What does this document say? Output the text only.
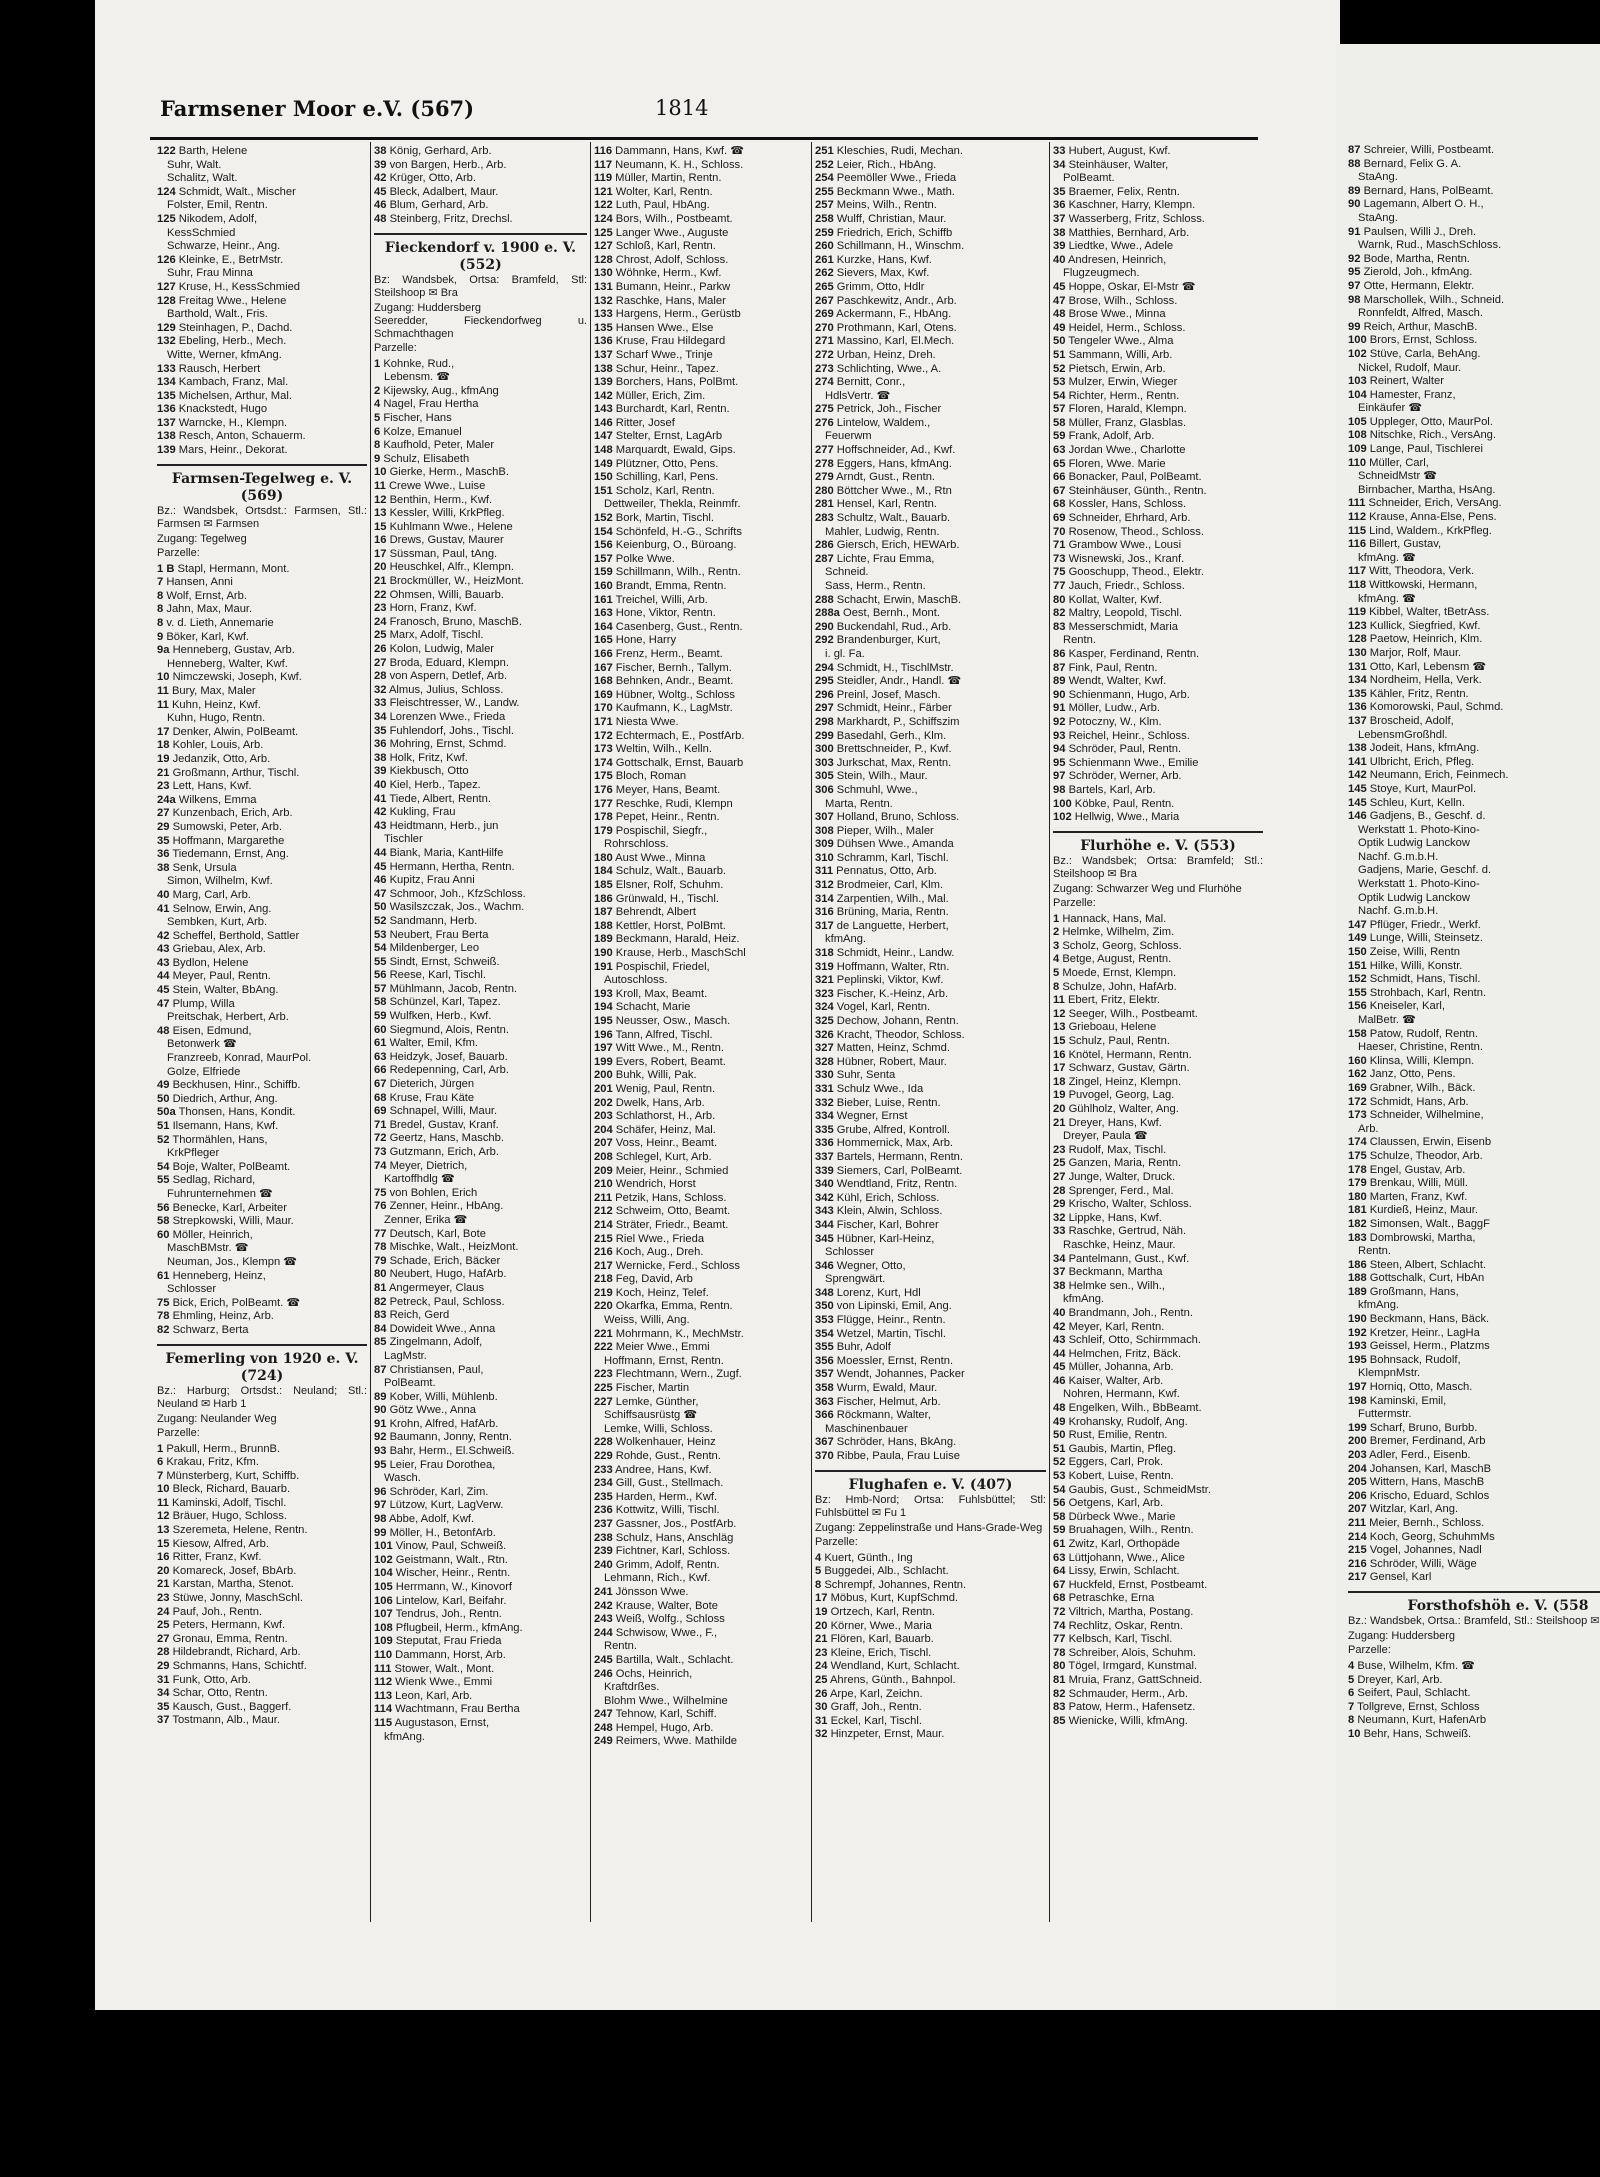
87 Schreier, Willi, Postbeamt.
88 Bernard, Felix G. A.
StaAng.
89 Bernard, Hans, PolBeamt.
90 Lagemann, Albert O. H.,
StaAng.
91 Paulsen, Willi J., Dreh.
Warnk, Rud., MaschSchloss.
92 Bode, Martha, Rentn.
95 Zierold, Joh., kfmAng.
97 Otte, Hermann, Elektr.
98 Marschollek, Wilh., Schneid.
Ronnfeldt, Alfred, Masch.
99 Reich, Arthur, MaschB.
100 Brors, Ernst, Schloss.
102 Stüve, Carla, BehAng.
Nickel, Rudolf, Maur.
103 Reinert, Walter
104 Hamester, Franz,
Einkäufer ☎
105 Uppleger, Otto, MaurPol.
108 Nitschke, Rich., VersAng.
109 Lange, Paul, Tischlerei
110 Müller, Carl,
SchneidMstr ☎
Birnbacher, Martha, HsAng.
111 Schneider, Erich, VersAng.
112 Krause, Anna-Else, Pens.
115 Lind, Waldem., KrkPfleg.
116 Billert, Gustav,
kfmAng. ☎
117 Witt, Theodora, Verk.
118 Wittkowski, Hermann,
kfmAng. ☎
119 Kibbel, Walter, tBetrAss.
123 Kullick, Siegfried, Kwf.
128 Paetow, Heinrich, Klm.
130 Marjor, Rolf, Maur.
131 Otto, Karl, Lebensm ☎
134 Nordheim, Hella, Verk.
135 Kähler, Fritz, Rentn.
136 Komorowski, Paul, Schmd.
137 Broscheid, Adolf,
LebensmGroßhdl.
138 Jodeit, Hans, kfmAng.
141 Ulbricht, Erich, Pfleg.
142 Neumann, Erich, Feinmech.
145 Stoye, Kurt, MaurPol.
145 Schleu, Kurt, Kelln.
146 Gadjens, B., Geschf. d.
Werkstatt 1. Photo-Kino-
Optik Ludwig Lanckow
Nachf. G.m.b.H.
Gadjens, Marie, Geschf. d.
Werkstatt 1. Photo-Kino-
Optik Ludwig Lanckow
Nachf. G.m.b.H.
147 Pflüger, Friedr., Werkf.
149 Lunge, Willi, Steinsetz.
150 Zeise, Willi, Rentn
151 Hilke, Willi, Konstr.
152 Schmidt, Hans, Tischl.
155 Strohbach, Karl, Rentn.
156 Kneiseler, Karl,
MalBetr. ☎
158 Patow, Rudolf, Rentn.
Haeser, Christine, Rentn.
160 Klinsa, Willi, Klempn.
162 Janz, Otto, Pens.
169 Grabner, Wilh., Bäck.
172 Schmidt, Hans, Arb.
173 Schneider, Wilhelmine,
Arb.
174 Claussen, Erwin, Eisenb
175 Schulze, Theodor, Arb.
178 Engel, Gustav, Arb.
179 Brenkau, Willi, Müll.
180 Marten, Franz, Kwf.
181 Kurdieß, Heinz, Maur.
182 Simonsen, Walt., BaggF
183 Dombrowski, Martha,
Rentn.
186 Steen, Albert, Schlacht.
188 Gottschalk, Curt, HbAn
189 Großmann, Hans,
kfmAng.
190 Beckmann, Hans, Bäck.
192 Kretzer, Heinr., LagHa
193 Geissel, Herm., Platzms
195 Bohnsack, Rudolf,
KlempnMstr.
197 Horniq, Otto, Masch.
198 Kaminski, Emil,
Futtermstr.
199 Scharf, Bruno, Burbb.
200 Bremer, Ferdinand, Arb
203 Adler, Ferd., Eisenb.
204 Johansen, Karl, MaschB
205 Wittern, Hans, MaschB
206 Krischo, Eduard, Schlos
207 Witzlar, Karl, Ang.
211 Meier, Bernh., Schloss.
214 Koch, Georg, SchuhmMs
215 Vogel, Johannes, Nadl
216 Schröder, Willi, Wäge
217 Gensel, Karl
Forsthofshöh e. V. (558
Bz.: Wandsbek, Ortsa.: Bramfeld, Stl.: Steilshoop ✉
Zugang: Huddersberg
Parzelle:
4 Buse, Wilhelm, Kfm. ☎
5 Dreyer, Karl, Arb.
6 Seifert, Paul, Schlacht.
7 Tollgreve, Ernst, Schloss
8 Neumann, Kurt, HafenArb
10 Behr, Hans, Schweiß.
Farmsener Moor e.V. (567)	1814
122 Barth, Helene
Suhr, Walt.
Schalitz, Walt.
124 Schmidt, Walt., Mischer
Folster, Emil, Rentn.
125 Nikodem, Adolf,
KessSchmied
Schwarze, Heinr., Ang.
126 Kleinke, E., BetrMstr.
Suhr, Frau Minna
127 Kruse, H., KessSchmied
128 Freitag Wwe., Helene
Barthold, Walt., Fris.
129 Steinhagen, P., Dachd.
132 Ebeling, Herb., Mech.
Witte, Werner, kfmAng.
133 Rausch, Herbert
134 Kambach, Franz, Mal.
135 Michelsen, Arthur, Mal.
136 Knackstedt, Hugo
137 Warncke, H., Klempn.
138 Resch, Anton, Schauerm.
139 Mars, Heinr., Dekorat.
Farmsen-Tegelweg e. V. (569)
Bz.: Wandsbek, Ortsdst.: Farmsen, Stl.: Farmsen ✉ Farmsen
Zugang: Tegelweg
Parzelle:
1 B Stapl, Hermann, Mont.
7 Hansen, Anni
8 Wolf, Ernst, Arb.
8 Jahn, Max, Maur.
8 v. d. Lieth, Annemarie
9 Böker, Karl, Kwf.
9a Henneberg, Gustav, Arb.
Henneberg, Walter, Kwf.
10 Nimczewski, Joseph, Kwf.
11 Bury, Max, Maler
11 Kuhn, Heinz, Kwf.
Kuhn, Hugo, Rentn.
17 Denker, Alwin, PolBeamt.
18 Kohler, Louis, Arb.
19 Jedanzik, Otto, Arb.
21 Großmann, Arthur, Tischl.
23 Lett, Hans, Kwf.
24a Wilkens, Emma
27 Kunzenbach, Erich, Arb.
29 Sumowski, Peter, Arb.
35 Hoffmann, Margarethe
36 Tiedemann, Ernst, Ang.
38 Senk, Ursula
Simon, Wilhelm, Kwf.
40 Marg, Carl, Arb.
41 Selnow, Erwin, Ang.
Sembken, Kurt, Arb.
42 Scheffel, Berthold, Sattler
43 Griebau, Alex, Arb.
43 Bydlon, Helene
44 Meyer, Paul, Rentn.
45 Stein, Walter, BbAng.
47 Plump, Willa
Preitschak, Herbert, Arb.
48 Eisen, Edmund,
Betonwerk ☎
Franzreeb, Konrad, MaurPol.
Golze, Elfriede
49 Beckhusen, Hinr., Schiffb.
50 Diedrich, Arthur, Ang.
50a Thonsen, Hans, Kondit.
51 Ilsemann, Hans, Kwf.
52 Thormählen, Hans,
KrkPfleger
54 Boje, Walter, PolBeamt.
55 Sedlag, Richard,
Fuhrunternehmen ☎
56 Benecke, Karl, Arbeiter
58 Strepkowski, Willi, Maur.
60 Möller, Heinrich,
MaschBMstr. ☎
Neuman, Jos., Klempn ☎
61 Henneberg, Heinz,
Schlosser
75 Bick, Erich, PolBeamt. ☎
78 Ehmling, Heinz, Arb.
82 Schwarz, Berta
Femerling von 1920 e. V. (724)
Bz.: Harburg; Ortsdst.: Neuland; Stl.: Neuland ✉ Harb 1
Zugang: Neulander Weg
Parzelle:
1 Pakull, Herm., BrunnB.
6 Krakau, Fritz, Kfm.
7 Münsterberg, Kurt, Schiffb.
10 Bleck, Richard, Bauarb.
11 Kaminski, Adolf, Tischl.
12 Bräuer, Hugo, Schloss.
13 Szeremeta, Helene, Rentn.
15 Kiesow, Alfred, Arb.
16 Ritter, Franz, Kwf.
20 Komareck, Josef, BbArb.
21 Karstan, Martha, Stenot.
23 Stüwe, Jonny, MaschSchl.
24 Pauf, Joh., Rentn.
25 Peters, Hermann, Kwf.
27 Gronau, Emma, Rentn.
28 Hildebrandt, Richard, Arb.
29 Schmanns, Hans, Schichtf.
31 Funk, Otto, Arb.
34 Schar, Otto, Rentn.
35 Kausch, Gust., Baggerf.
37 Tostmann, Alb., Maur.
38 König, Gerhard, Arb.
39 von Bargen, Herb., Arb.
42 Krüger, Otto, Arb.
45 Bleck, Adalbert, Maur.
46 Blum, Gerhard, Arb.
48 Steinberg, Fritz, Drechsl.
Fieckendorf v. 1900 e. V. (552)
Bz: Wandsbek, Ortsa: Bramfeld, Stl: Steilshoop ✉ Bra
Zugang: Huddersberg
Seeredder, Fieckendorfweg u. Schmachthagen
Parzelle:
1 Kohnke, Rud.,
Lebensm. ☎
2 Kijewsky, Aug., kfmAng
4 Nagel, Frau Hertha
5 Fischer, Hans
6 Kolze, Emanuel
8 Kaufhold, Peter, Maler
9 Schulz, Elisabeth
10 Gierke, Herm., MaschB.
11 Crewe Wwe., Luise
12 Benthin, Herm., Kwf.
13 Kessler, Willi, KrkPfleg.
15 Kuhlmann Wwe., Helene
16 Drews, Gustav, Maurer
17 Süssman, Paul, tAng.
20 Heuschkel, Alfr., Klempn.
21 Brockmüller, W., HeizMont.
22 Ohmsen, Willi, Bauarb.
23 Horn, Franz, Kwf.
24 Franosch, Bruno, MaschB.
25 Marx, Adolf, Tischl.
26 Kolon, Ludwig, Maler
27 Broda, Eduard, Klempn.
28 von Aspern, Detlef, Arb.
32 Almus, Julius, Schloss.
33 Fleischtresser, W., Landw.
34 Lorenzen Wwe., Frieda
35 Fuhlendorf, Johs., Tischl.
36 Mohring, Ernst, Schmd.
38 Holk, Fritz, Kwf.
39 Kiekbusch, Otto
40 Kiel, Herb., Tapez.
41 Tiede, Albert, Rentn.
42 Kukling, Frau
43 Heidtmann, Herb., jun
Tischler
44 Biank, Maria, KantHilfe
45 Hermann, Hertha, Rentn.
46 Kupitz, Frau Anni
47 Schmoor, Joh., KfzSchloss.
50 Wasilszczak, Jos., Wachm.
52 Sandmann, Herb.
53 Neubert, Frau Berta
54 Mildenberger, Leo
55 Sindt, Ernst, Schweiß.
56 Reese, Karl, Tischl.
57 Mühlmann, Jacob, Rentn.
58 Schünzel, Karl, Tapez.
59 Wulfken, Herb., Kwf.
60 Siegmund, Alois, Rentn.
61 Walter, Emil, Kfm.
63 Heidzyk, Josef, Bauarb.
66 Redepenning, Carl, Arb.
67 Dieterich, Jürgen
68 Kruse, Frau Käte
69 Schnapel, Willi, Maur.
71 Bredel, Gustav, Kranf.
72 Geertz, Hans, Maschb.
73 Gutzmann, Erich, Arb.
74 Meyer, Dietrich,
Kartoffhdlg ☎
75 von Bohlen, Erich
76 Zenner, Heinr., HbAng.
Zenner, Erika ☎
77 Deutsch, Karl, Bote
78 Mischke, Walt., HeizMont.
79 Schade, Erich, Bäcker
80 Neubert, Hugo, HafArb.
81 Angermeyer, Claus
82 Petreck, Paul, Schloss.
83 Reich, Gerd
84 Dowideit Wwe., Anna
85 Zingelmann, Adolf,
LagMstr.
87 Christiansen, Paul,
PolBeamt.
89 Kober, Willi, Mühlenb.
90 Götz Wwe., Anna
91 Krohn, Alfred, HafArb.
92 Baumann, Jonny, Rentn.
93 Bahr, Herm., El.Schweiß.
95 Leier, Frau Dorothea,
Wasch.
96 Schröder, Karl, Zim.
97 Lützow, Kurt, LagVerw.
98 Abbe, Adolf, Kwf.
99 Möller, H., BetonfArb.
101 Vinow, Paul, Schweiß.
102 Geistmann, Walt., Rtn.
104 Wischer, Heinr., Rentn.
105 Herrmann, W., Kinovorf
106 Lintelow, Karl, Beifahr.
107 Tendrus, Joh., Rentn.
108 Pflugbeil, Herm., kfmAng.
109 Steputat, Frau Frieda
110 Dammann, Horst, Arb.
111 Stower, Walt., Mont.
112 Wienk Wwe., Emmi
113 Leon, Karl, Arb.
114 Wachtmann, Frau Bertha
115 Augustason, Ernst,
kfmAng.
116 Dammann, Hans, Kwf. ☎
117 Neumann, K. H., Schloss.
119 Müller, Martin, Rentn.
121 Wolter, Karl, Rentn.
122 Luth, Paul, HbAng.
124 Bors, Wilh., Postbeamt.
125 Langer Wwe., Auguste
127 Schloß, Karl, Rentn.
128 Chrost, Adolf, Schloss.
130 Wöhnke, Herm., Kwf.
131 Bumann, Heinr., Parkw
132 Raschke, Hans, Maler
133 Hargens, Herm., Gerüstb
135 Hansen Wwe., Else
136 Kruse, Frau Hildegard
137 Scharf Wwe., Trinje
138 Schur, Heinr., Tapez.
139 Borchers, Hans, PolBmt.
142 Müller, Erich, Zim.
143 Burchardt, Karl, Rentn.
146 Ritter, Josef
147 Stelter, Ernst, LagArb
148 Marquardt, Ewald, Gips.
149 Plützner, Otto, Pens.
150 Schilling, Karl, Pens.
151 Scholz, Karl, Rentn.
Dettweiler, Thekla, Reinmfr.
152 Bork, Martin, Tischl.
154 Schönfeld, H.-G., Schrifts
156 Keienburg, O., Büroang.
157 Polke Wwe.
159 Schillmann, Wilh., Rentn.
160 Brandt, Emma, Rentn.
161 Treichel, Willi, Arb.
163 Hone, Viktor, Rentn.
164 Casenberg, Gust., Rentn.
165 Hone, Harry
166 Frenz, Herm., Beamt.
167 Fischer, Bernh., Tallym.
168 Behnken, Andr., Beamt.
169 Hübner, Woltg., Schloss
170 Kaufmann, K., LagMstr.
171 Niesta Wwe.
172 Echtermach, E., PostfArb.
173 Weltin, Wilh., Kelln.
174 Gottschalk, Ernst, Bauarb
175 Bloch, Roman
176 Meyer, Hans, Beamt.
177 Reschke, Rudi, Klempn
178 Pepet, Heinr., Rentn.
179 Pospischil, Siegfr.,
Rohrschloss.
180 Aust Wwe., Minna
184 Schulz, Walt., Bauarb.
185 Elsner, Rolf, Schuhm.
186 Grünwald, H., Tischl.
187 Behrendt, Albert
188 Kettler, Horst, PolBmt.
189 Beckmann, Harald, Heiz.
190 Krause, Herb., MaschSchl
191 Pospischil, Friedel,
Autoschloss.
193 Kroll, Max, Beamt.
194 Schacht, Marie
195 Neusser, Osw., Masch.
196 Tann, Alfred, Tischl.
197 Witt Wwe., M., Rentn.
199 Evers, Robert, Beamt.
200 Buhk, Willi, Pak.
201 Wenig, Paul, Rentn.
202 Dwelk, Hans, Arb.
203 Schlathorst, H., Arb.
204 Schäfer, Heinz, Mal.
207 Voss, Heinr., Beamt.
208 Schlegel, Kurt, Arb.
209 Meier, Heinr., Schmied
210 Wendrich, Horst
211 Petzik, Hans, Schloss.
212 Schweim, Otto, Beamt.
214 Sträter, Friedr., Beamt.
215 Riel Wwe., Frieda
216 Koch, Aug., Dreh.
217 Wernicke, Ferd., Schloss
218 Feg, David, Arb
219 Koch, Heinz, Telef.
220 Okarfka, Emma, Rentn.
Weiss, Willi, Ang.
221 Mohrmann, K., MechMstr.
222 Meier Wwe., Emmi
Hoffmann, Ernst, Rentn.
223 Flechtmann, Wern., Zugf.
225 Fischer, Martin
227 Lemke, Günther,
Schiffsausrüstg ☎
Lemke, Willi, Schloss.
228 Wolkenhauer, Heinz
229 Rohde, Gust., Rentn.
233 Andree, Hans, Kwf.
234 Gill, Gust., Stellmach.
235 Harden, Herm., Kwf.
236 Kottwitz, Willi, Tischl.
237 Gassner, Jos., PostfArb.
238 Schulz, Hans, Anschläg
239 Fichtner, Karl, Schloss.
240 Grimm, Adolf, Rentn.
Lehmann, Rich., Kwf.
241 Jönsson Wwe.
242 Krause, Walter, Bote
243 Weiß, Wolfg., Schloss
244 Schwisow, Wwe., F.,
Rentn.
245 Bartilla, Walt., Schlacht.
246 Ochs, Heinrich,
Kraftdrßes.
Blohm Wwe., Wilhelmine
247 Tehnow, Karl, Schiff.
248 Hempel, Hugo, Arb.
249 Reimers, Wwe. Mathilde
251 Kleschies, Rudi, Mechan.
252 Leier, Rich., HbAng.
254 Peemöller Wwe., Frieda
255 Beckmann Wwe., Math.
257 Meins, Wilh., Rentn.
258 Wulff, Christian, Maur.
259 Friedrich, Erich, Schiffb
260 Schillmann, H., Winschm.
261 Kurzke, Hans, Kwf.
262 Sievers, Max, Kwf.
265 Grimm, Otto, Hdlr
267 Paschkewitz, Andr., Arb.
269 Ackermann, F., HbAng.
270 Prothmann, Karl, Otens.
271 Massino, Karl, El.Mech.
272 Urban, Heinz, Dreh.
273 Schlichting, Wwe., A.
274 Bernitt, Conr.,
HdlsVertr. ☎
275 Petrick, Joh., Fischer
276 Lintelow, Waldem.,
Feuerwm
277 Hoffschneider, Ad., Kwf.
278 Eggers, Hans, kfmAng.
279 Arndt, Gust., Rentn.
280 Böttcher Wwe., M., Rtn
281 Hensel, Karl, Rentn.
283 Schultz, Walt., Bauarb.
Mahler, Ludwig, Rentn.
286 Giersch, Erich, HEWArb.
287 Lichte, Frau Emma,
Schneid.
Sass, Herm., Rentn.
288 Schacht, Erwin, MaschB.
288a Oest, Bernh., Mont.
290 Buckendahl, Rud., Arb.
292 Brandenburger, Kurt,
i. gl. Fa.
294 Schmidt, H., TischlMstr.
295 Steidler, Andr., Handl. ☎
296 Preinl, Josef, Masch.
297 Schmidt, Heinr., Färber
298 Markhardt, P., Schiffszim
299 Basedahl, Gerh., Klm.
300 Brettschneider, P., Kwf.
303 Jurkschat, Max, Rentn.
305 Stein, Wilh., Maur.
306 Schmuhl, Wwe.,
Marta, Rentn.
307 Holland, Bruno, Schloss.
308 Pieper, Wilh., Maler
309 Dühsen Wwe., Amanda
310 Schramm, Karl, Tischl.
311 Pennatus, Otto, Arb.
312 Brodmeier, Carl, Klm.
314 Zarpentien, Wilh., Mal.
316 Brüning, Maria, Rentn.
317 de Languette, Herbert,
kfmAng.
318 Schmidt, Heinr., Landw.
319 Hoffmann, Walter, Rtn.
321 Peplinski, Viktor, Kwf.
323 Fischer, K.-Heinz, Arb.
324 Vogel, Karl, Rentn.
325 Dechow, Johann, Rentn.
326 Kracht, Theodor, Schloss.
327 Matten, Heinz, Schmd.
328 Hübner, Robert, Maur.
330 Suhr, Senta
331 Schulz Wwe., Ida
332 Bieber, Luise, Rentn.
334 Wegner, Ernst
335 Grube, Alfred, Kontroll.
336 Hommernick, Max, Arb.
337 Bartels, Hermann, Rentn.
339 Siemers, Carl, PolBeamt.
340 Wendtland, Fritz, Rentn.
342 Kühl, Erich, Schloss.
343 Klein, Alwin, Schloss.
344 Fischer, Karl, Bohrer
345 Hübner, Karl-Heinz,
Schlosser
346 Wegner, Otto,
Sprengwärt.
348 Lorenz, Kurt, Hdl
350 von Lipinski, Emil, Ang.
353 Flügge, Heinr., Rentn.
354 Wetzel, Martin, Tischl.
355 Buhr, Adolf
356 Moessler, Ernst, Rentn.
357 Wendt, Johannes, Packer
358 Wurm, Ewald, Maur.
363 Fischer, Helmut, Arb.
366 Röckmann, Walter,
Maschinenbauer
367 Schröder, Hans, BkAng.
370 Ribbe, Paula, Frau Luise
Flughafen e. V. (407)
Bz: Hmb-Nord; Ortsa: Fuhlsbüttel; Stl: Fuhlsbüttel ✉ Fu 1
Zugang: Zeppelinstraße und Hans-Grade-Weg
Parzelle:
4 Kuert, Günth., Ing
5 Buggedei, Alb., Schlacht.
8 Schrempf, Johannes, Rentn.
17 Möbus, Kurt, KupfSchmd.
19 Ortzech, Karl, Rentn.
20 Körner, Wwe., Maria
21 Flören, Karl, Bauarb.
23 Kleine, Erich, Tischl.
24 Wendland, Kurt, Schlacht.
25 Ahrens, Günth., Bahnpol.
26 Arpe, Karl, Zeichn.
30 Graff, Joh., Rentn.
31 Eckel, Karl, Tischl.
32 Hinzpeter, Ernst, Maur.
33 Hubert, August, Kwf.
34 Steinhäuser, Walter,
PolBeamt.
35 Braemer, Felix, Rentn.
36 Kaschner, Harry, Klempn.
37 Wasserberg, Fritz, Schloss.
38 Matthies, Bernhard, Arb.
39 Liedtke, Wwe., Adele
40 Andresen, Heinrich,
Flugzeugmech.
45 Hoppe, Oskar, El-Mstr ☎
47 Brose, Wilh., Schloss.
48 Brose Wwe., Minna
49 Heidel, Herm., Schloss.
50 Tengeler Wwe., Alma
51 Sammann, Willi, Arb.
52 Pietsch, Erwin, Arb.
53 Mulzer, Erwin, Wieger
54 Richter, Herm., Rentn.
57 Floren, Harald, Klempn.
58 Müller, Franz, Glasblas.
59 Frank, Adolf, Arb.
63 Jordan Wwe., Charlotte
65 Floren, Wwe. Marie
66 Bonacker, Paul, PolBeamt.
67 Steinhäuser, Günth., Rentn.
68 Kossler, Hans, Schloss.
69 Schneider, Ehrhard, Arb.
70 Rosenow, Theod., Schloss.
71 Grambow Wwe., Lousi
73 Wisnewski, Jos., Kranf.
75 Gooschupp, Theod., Elektr.
77 Jauch, Friedr., Schloss.
80 Kollat, Walter, Kwf.
82 Maltry, Leopold, Tischl.
83 Messerschmidt, Maria
Rentn.
86 Kasper, Ferdinand, Rentn.
87 Fink, Paul, Rentn.
89 Wendt, Walter, Kwf.
90 Schienmann, Hugo, Arb.
91 Möller, Ludw., Arb.
92 Potoczny, W., Klm.
93 Reichel, Heinr., Schloss.
94 Schröder, Paul, Rentn.
95 Schienmann Wwe., Emilie
97 Schröder, Werner, Arb.
98 Bartels, Karl, Arb.
100 Köbke, Paul, Rentn.
102 Hellwig, Wwe., Maria
Flurhöhe e. V. (553)
Bz.: Wandsbek; Ortsa: Bramfeld; Stl.: Steilshoop ✉ Bra
Zugang: Schwarzer Weg und Flurhöhe
Parzelle:
1 Hannack, Hans, Mal.
2 Helmke, Wilhelm, Zim.
3 Scholz, Georg, Schloss.
4 Betge, August, Rentn.
5 Moede, Ernst, Klempn.
8 Schulze, John, HafArb.
11 Ebert, Fritz, Elektr.
12 Seeger, Wilh., Postbeamt.
13 Grieboau, Helene
15 Schulz, Paul, Rentn.
16 Knötel, Hermann, Rentn.
17 Schwarz, Gustav, Gärtn.
18 Zingel, Heinz, Klempn.
19 Puvogel, Georg, Lag.
20 Gühlholz, Walter, Ang.
21 Dreyer, Hans, Kwf.
Dreyer, Paula ☎
23 Rudolf, Max, Tischl.
25 Ganzen, Maria, Rentn.
27 Junge, Walter, Druck.
28 Sprenger, Ferd., Mal.
29 Krischo, Walter, Schloss.
32 Lippke, Hans, Kwf.
33 Raschke, Gertrud, Näh.
Raschke, Heinz, Maur.
34 Pantelmann, Gust., Kwf.
37 Beckmann, Martha
38 Helmke sen., Wilh.,
kfmAng.
40 Brandmann, Joh., Rentn.
42 Meyer, Karl, Rentn.
43 Schleif, Otto, Schirmmach.
44 Helmchen, Fritz, Bäck.
45 Müller, Johanna, Arb.
46 Kaiser, Walter, Arb.
Nohren, Hermann, Kwf.
48 Engelken, Wilh., BbBeamt.
49 Krohansky, Rudolf, Ang.
50 Rust, Emilie, Rentn.
51 Gaubis, Martin, Pfleg.
52 Eggers, Carl, Prok.
53 Kobert, Luise, Rentn.
54 Gaubis, Gust., SchmeidMstr.
56 Oetgens, Karl, Arb.
58 Dürbeck Wwe., Marie
59 Bruahagen, Wilh., Rentn.
61 Zwitz, Karl, Orthopäde
63 Lüttjohann, Wwe., Alice
64 Lissy, Erwin, Schlacht.
67 Huckfeld, Ernst, Postbeamt.
68 Petraschke, Erna
72 Viltrich, Martha, Postang.
74 Rechlitz, Oskar, Rentn.
77 Kelbsch, Karl, Tischl.
78 Schreiber, Alois, Schuhm.
80 Tögel, Irmgard, Kunstmal.
81 Mruia, Franz, GattSchneid.
82 Schmauder, Herm., Arb.
83 Patow, Herm., Hafensetz.
85 Wienicke, Willi, kfmAng.
